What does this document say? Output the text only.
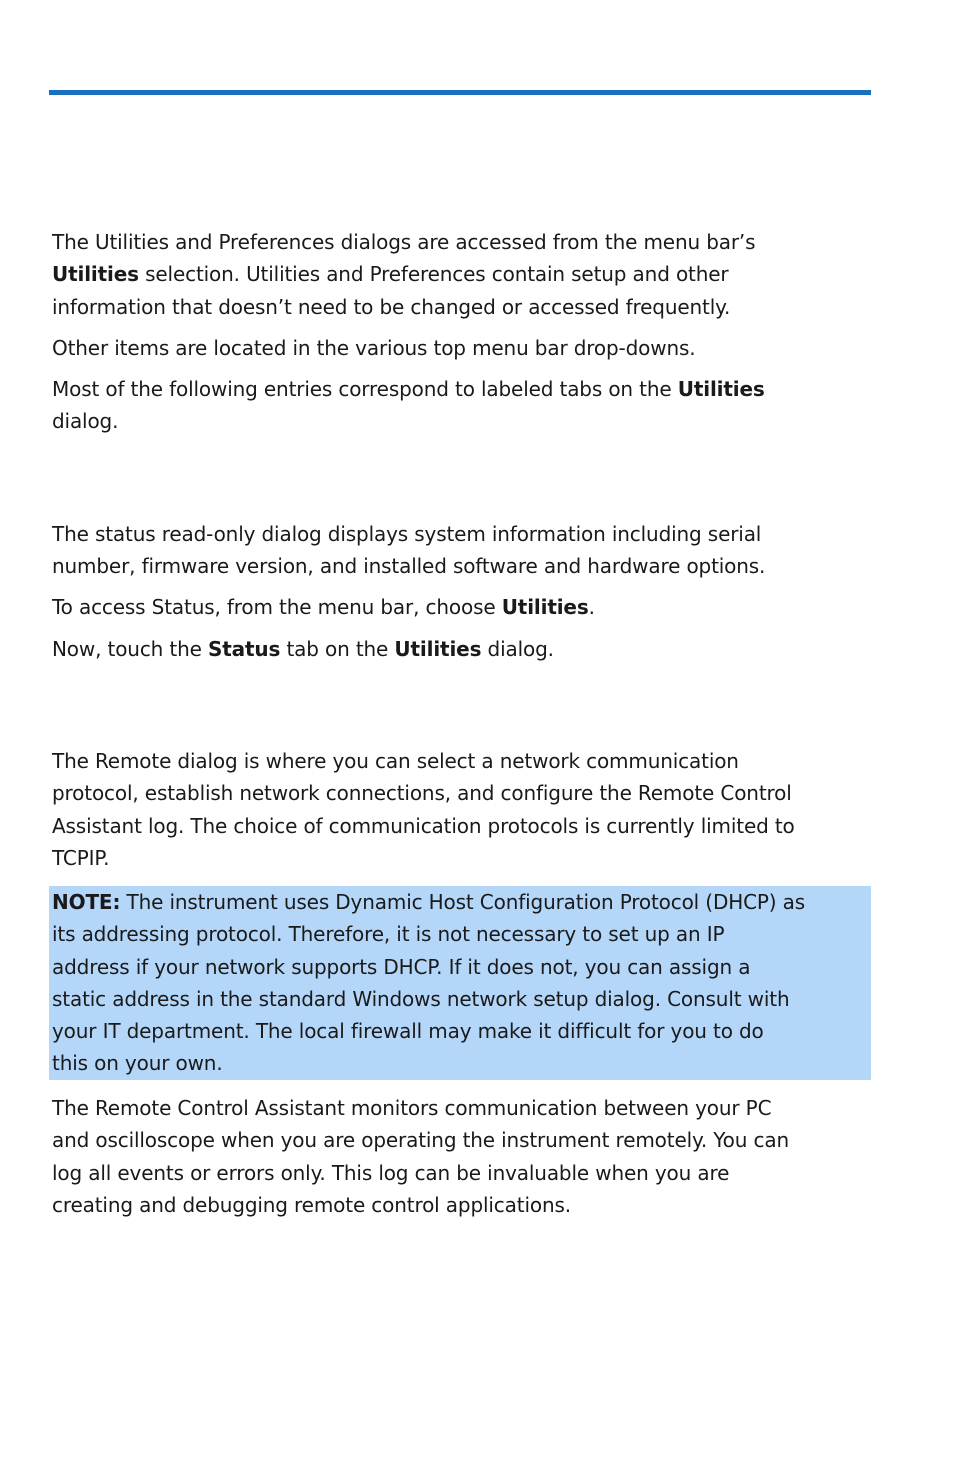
The Utilities and Preferences dialogs are accessed from the menu bar’s
Utilities selection. Utilities and Preferences contain setup and other
information that doesn’t need to be changed or accessed frequently.

Other items are located in the various top menu bar drop-downs.

Most of the following entries correspond to labeled tabs on the Utilities
dialog.

The status read-only dialog displays system information including serial
number, firmware version, and installed software and hardware options.

To access Status, from the menu bar, choose Utilities.

Now, touch the Status tab on the Utilities dialog.

The Remote dialog is where you can select a network communication
protocol, establish network connections, and configure the Remote Control
Assistant log. The choice of communication protocols is currently limited to
TCPIP.

NOTE: The instrument uses Dynamic Host Configuration Protocol (DHCP) as
its addressing protocol. Therefore, it is not necessary to set up an IP
address if your network supports DHCP. If it does not, you can assign a
static address in the standard Windows network setup dialog. Consult with
your IT department. The local firewall may make it difficult for you to do
this on your own.

The Remote Control Assistant monitors communication between your PC
and oscilloscope when you are operating the instrument remotely. You can
log all events or errors only. This log can be invaluable when you are
creating and debugging remote control applications.
